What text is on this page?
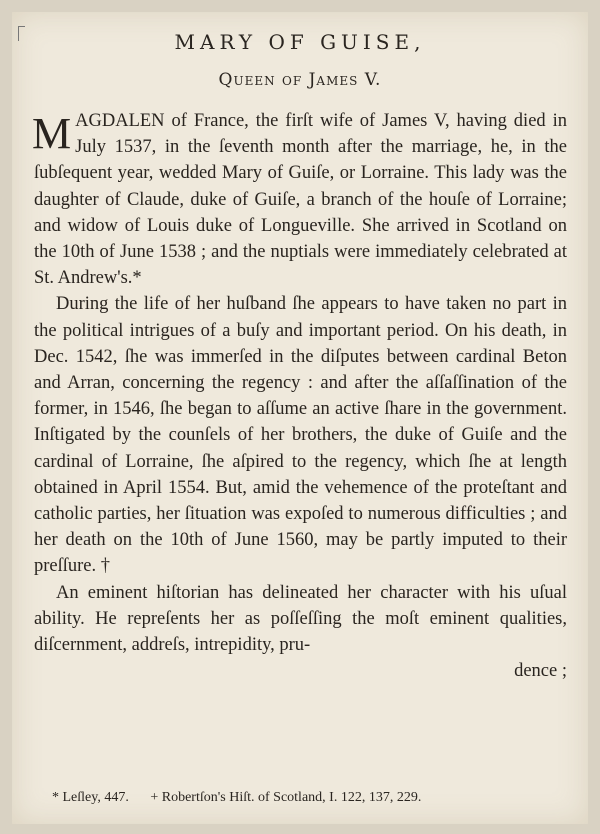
MARY OF GUISE,
Queen of James V.

MAGDALEN of France, the firſt wife of James V, having died in July 1537, in the ſeventh month after the marriage, he, in the ſubſequent year, wedded Mary of Guiſe, or Lorraine. This lady was the daughter of Claude, duke of Guiſe, a branch of the houſe of Lorraine; and widow of Louis duke of Longueville. She arrived in Scotland on the 10th of June 1538 ; and the nuptials were immediately celebrated at St. Andrew's.*

During the life of her huſband ſhe appears to have taken no part in the political intrigues of a buſy and important period. On his death, in Dec. 1542, ſhe was immerſed in the diſputes between cardinal Beton and Arran, concerning the regency : and after the aſſaſſination of the former, in 1546, ſhe began to aſſume an active ſhare in the government. Inſtigated by the counſels of her brothers, the duke of Guiſe and the cardinal of Lorraine, ſhe aſpired to the regency, which ſhe at length obtained in April 1554. But, amid the vehemence of the proteſtant and catholic parties, her ſituation was expoſed to numerous difficulties ; and her death on the 10th of June 1560, may be partly imputed to their preſſure. †

An eminent hiſtorian has delineated her character with his uſual ability. He repreſents her as poſſeſſing the moſt eminent qualities, diſcernment, addreſs, intrepidity, pru-

dence ;

* Leſley, 447. + Robertſon's Hiſt. of Scotland, I. 122, 137, 229.
